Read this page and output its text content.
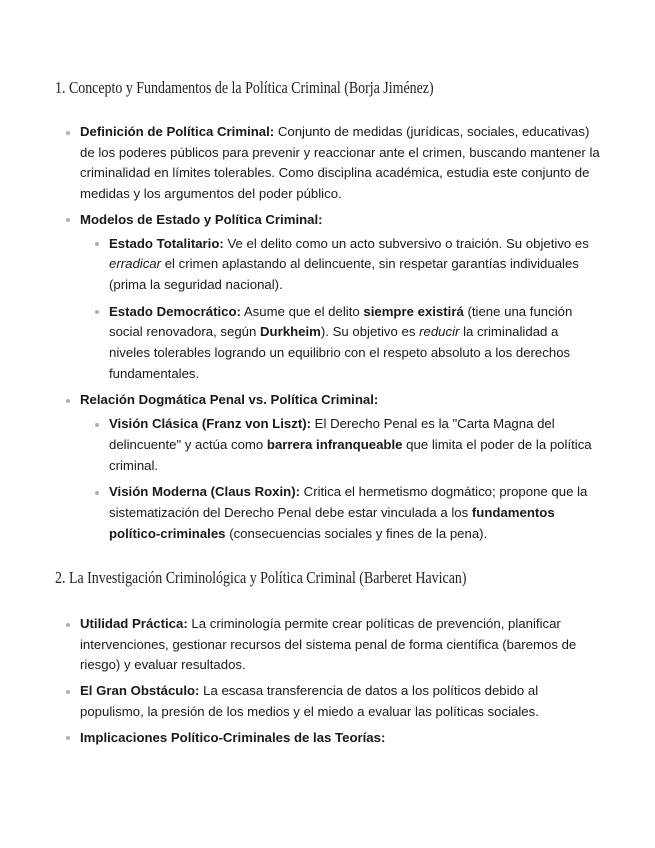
1. Concepto y Fundamentos de la Política Criminal (Borja Jiménez)
Definición de Política Criminal: Conjunto de medidas (jurídicas, sociales, educativas) de los poderes públicos para prevenir y reaccionar ante el crimen, buscando mantener la criminalidad en límites tolerables. Como disciplina académica, estudia este conjunto de medidas y los argumentos del poder público.
Modelos de Estado y Política Criminal:
Estado Totalitario: Ve el delito como un acto subversivo o traición. Su objetivo es erradicar el crimen aplastando al delincuente, sin respetar garantías individuales (prima la seguridad nacional).
Estado Democrático: Asume que el delito siempre existirá (tiene una función social renovadora, según Durkheim). Su objetivo es reducir la criminalidad a niveles tolerables logrando un equilibrio con el respeto absoluto a los derechos fundamentales.
Relación Dogmática Penal vs. Política Criminal:
Visión Clásica (Franz von Liszt): El Derecho Penal es la "Carta Magna del delincuente" y actúa como barrera infranqueable que limita el poder de la política criminal.
Visión Moderna (Claus Roxin): Critica el hermetismo dogmático; propone que la sistematización del Derecho Penal debe estar vinculada a los fundamentos político-criminales (consecuencias sociales y fines de la pena).
2. La Investigación Criminológica y Política Criminal (Barberet Havican)
Utilidad Práctica: La criminología permite crear políticas de prevención, planificar intervenciones, gestionar recursos del sistema penal de forma científica (baremos de riesgo) y evaluar resultados.
El Gran Obstáculo: La escasa transferencia de datos a los políticos debido al populismo, la presión de los medios y el miedo a evaluar las políticas sociales.
Implicaciones Político-Criminales de las Teorías:
